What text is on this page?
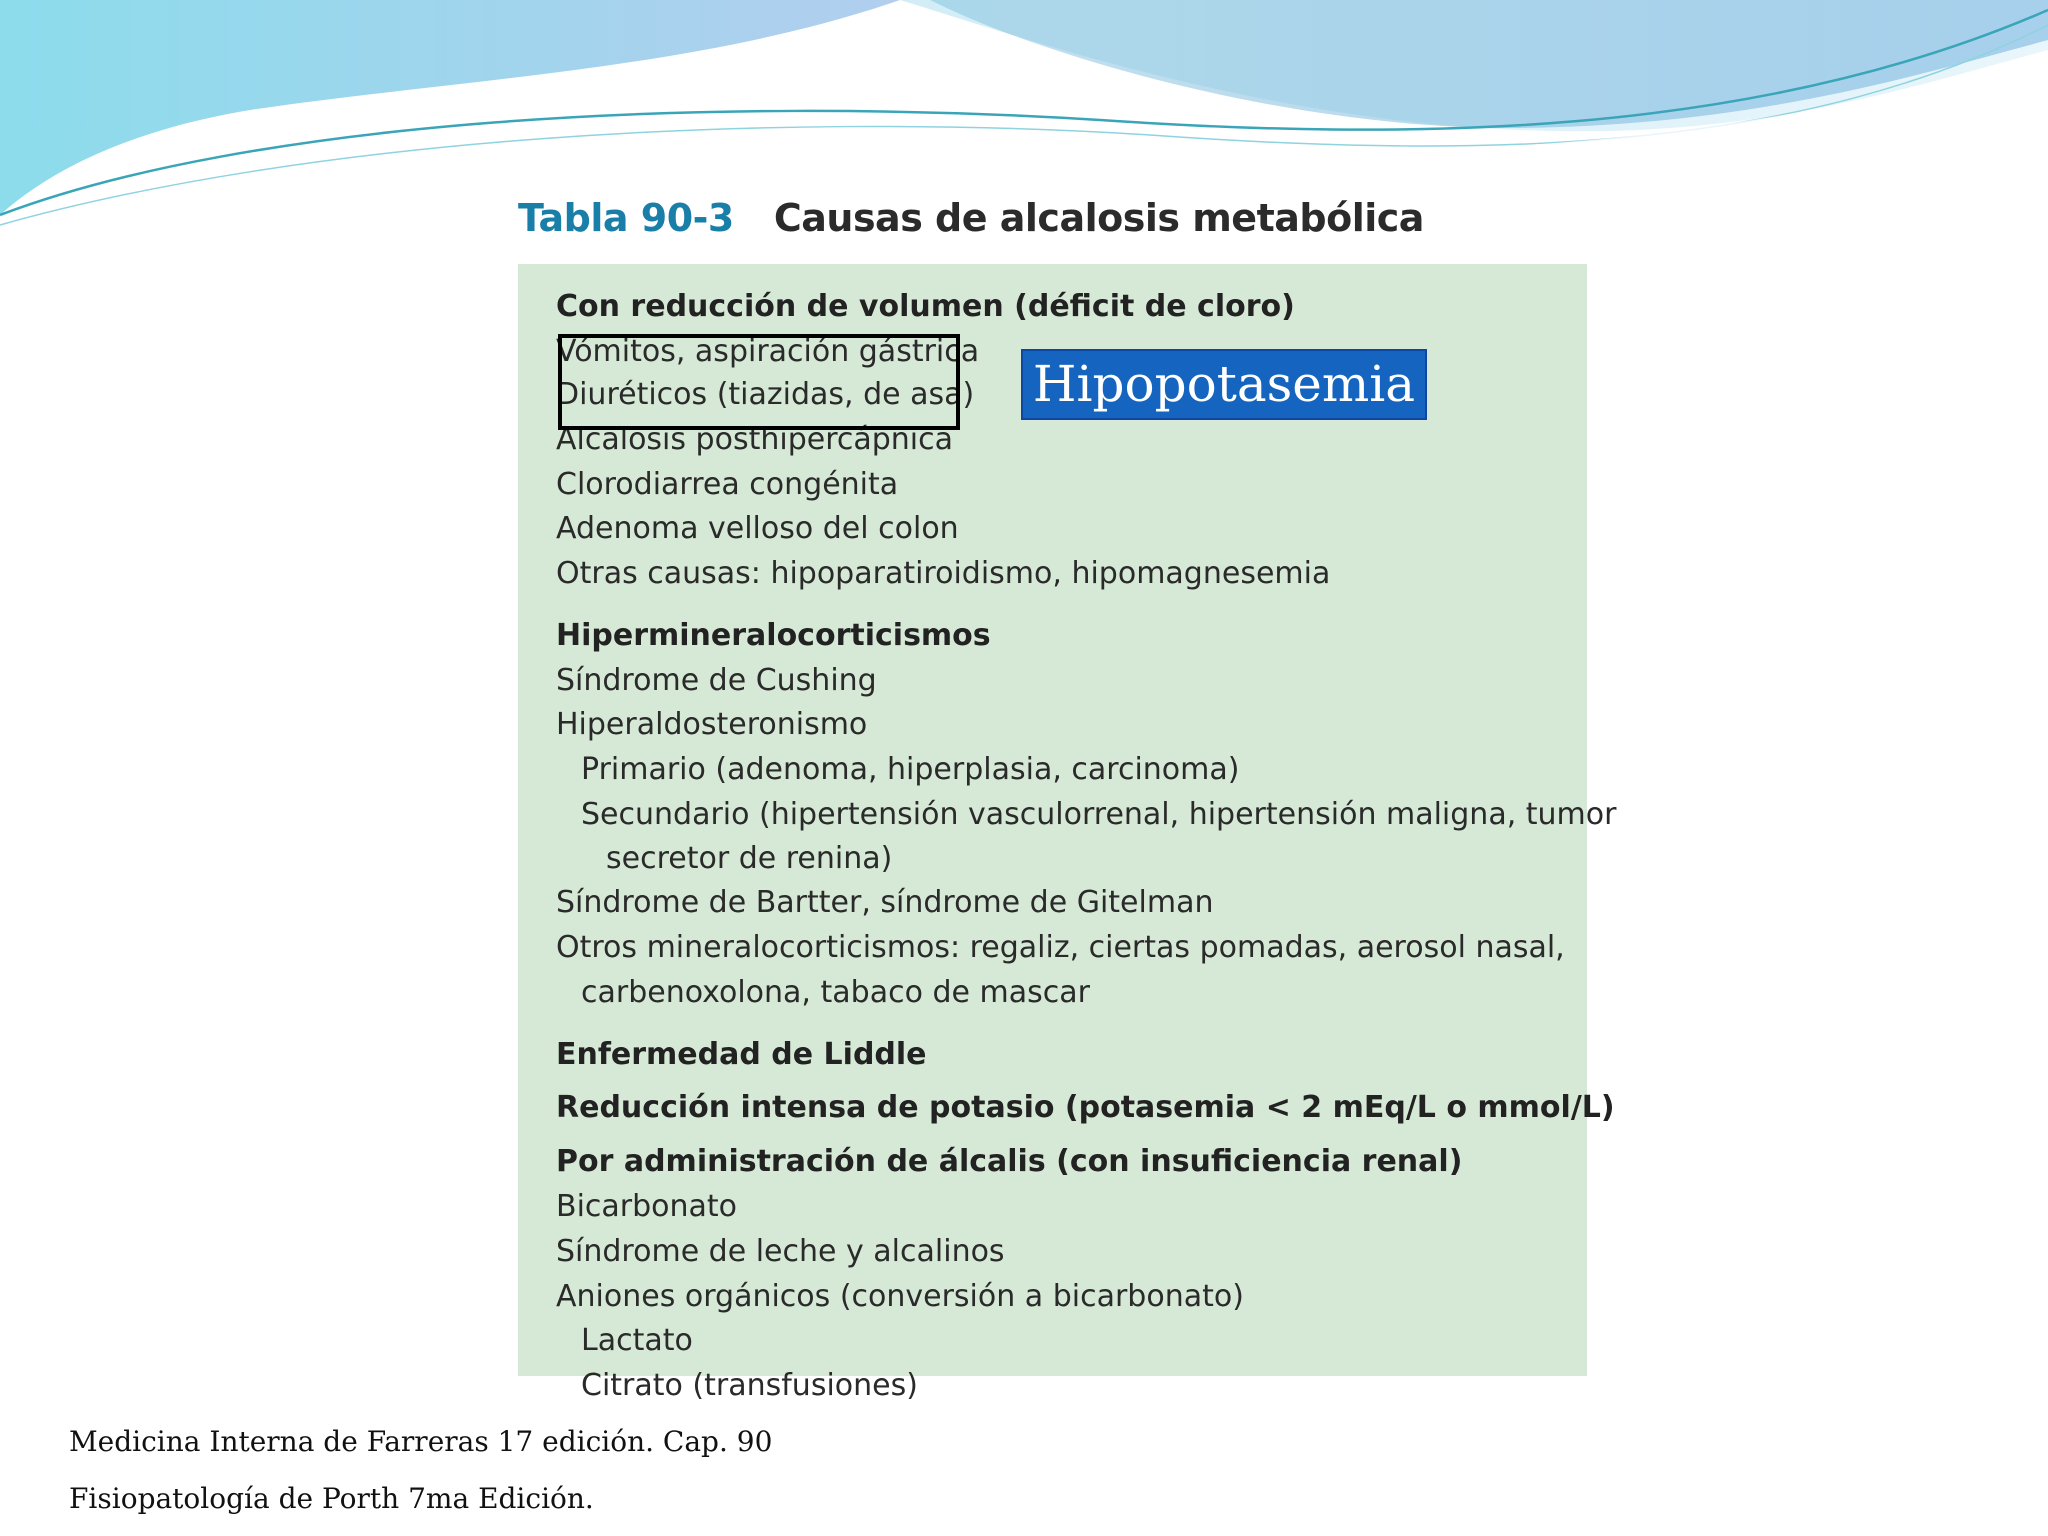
Tabla 90-3 Causas de alcalosis metabólica
Con reducción de volumen (déficit de cloro)
Vómitos, aspiración gástrica
Diuréticos (tiazidas, de asa)
Alcalosis posthipercápnica
Clorodiarrea congénita
Adenoma velloso del colon
Otras causas: hipoparatiroidismo, hipomagnesemia
Hipermineralocorticismos
Síndrome de Cushing
Hiperaldosteronismo
Primario (adenoma, hiperplasia, carcinoma)
Secundario (hipertensión vasculorrenal, hipertensión maligna, tumor
secretor de renina)
Síndrome de Bartter, síndrome de Gitelman
Otros mineralocorticismos: regaliz, ciertas pomadas, aerosol nasal,
carbenoxolona, tabaco de mascar
Enfermedad de Liddle
Reducción intensa de potasio (potasemia < 2 mEq/L o mmol/L)
Por administración de álcalis (con insuficiencia renal)
Bicarbonato
Síndrome de leche y alcalinos
Aniones orgánicos (conversión a bicarbonato)
Lactato
Citrato (transfusiones)
Hipopotasemia
Medicina Interna de Farreras 17 edición. Cap. 90
Fisiopatología de Porth 7ma Edición.
